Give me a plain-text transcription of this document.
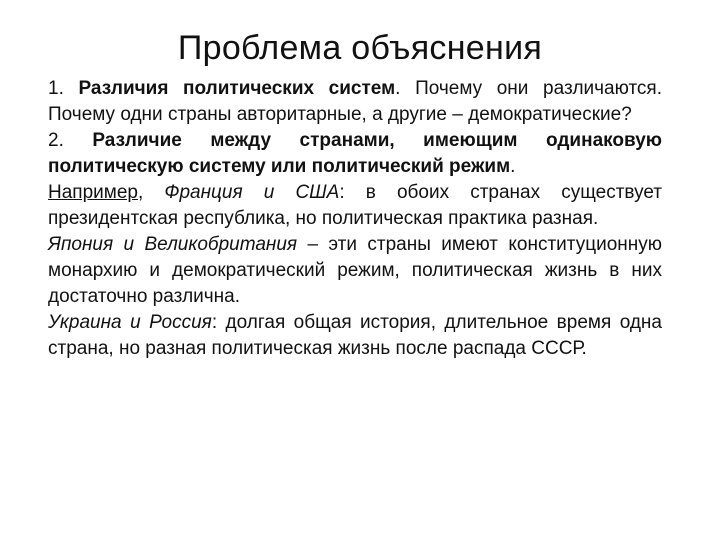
Проблема объяснения

1. Различия политических систем. Почему они различаются. Почему одни страны авторитарные, а другие – демократические?

2. Различие между странами, имеющим одинаковую политическую систему или политический режим.

Например, Франция и США: в обоих странах существует президентская республика, но политическая практика разная.

Япония и Великобритания – эти страны имеют конституционную монархию и демократический режим, политическая жизнь в них достаточно различна.

Украина и Россия: долгая общая история, длительное время одна страна, но разная политическая жизнь после распада СССР.
